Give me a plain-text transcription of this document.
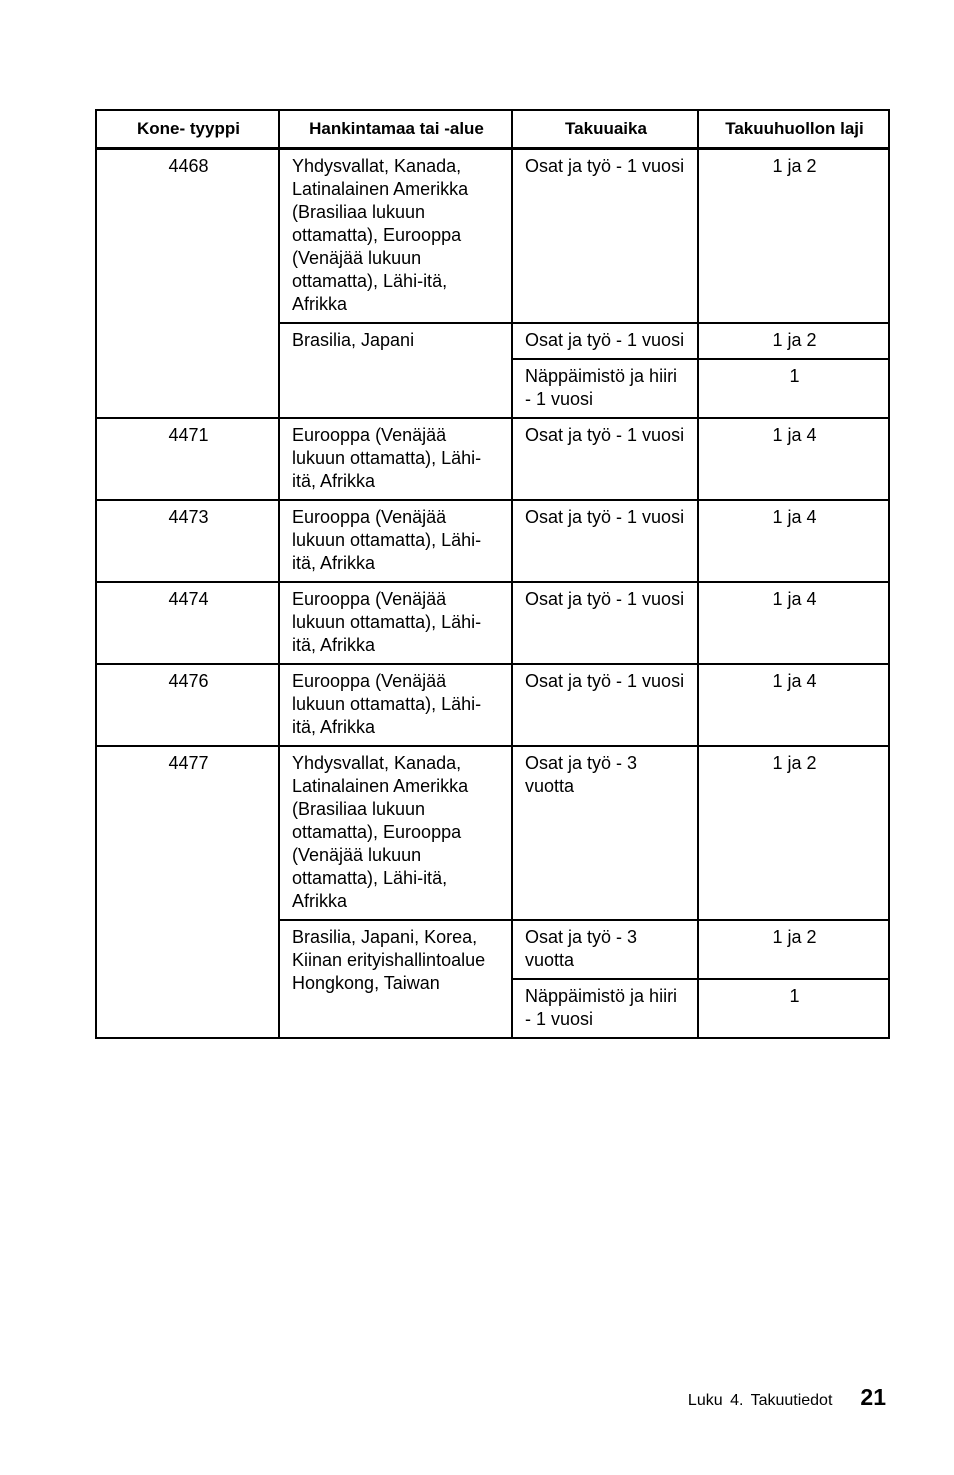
Kone- tyyppi	Hankintamaa tai -alue	Takuuaika	Takuuhuollon laji
4468	Yhdysvallat, Kanada, Latinalainen Amerikka (Brasiliaa lukuun ottamatta), Eurooppa (Venäjää lukuun ottamatta), Lähi-itä, Afrikka	Osat ja työ - 1 vuosi	1 ja 2
	Brasilia, Japani	Osat ja työ - 1 vuosi	1 ja 2
		Näppäimistö ja hiiri - 1 vuosi	1
4471	Eurooppa (Venäjää lukuun ottamatta), Lähi-itä, Afrikka	Osat ja työ - 1 vuosi	1 ja 4
4473	Eurooppa (Venäjää lukuun ottamatta), Lähi-itä, Afrikka	Osat ja työ - 1 vuosi	1 ja 4
4474	Eurooppa (Venäjää lukuun ottamatta), Lähi-itä, Afrikka	Osat ja työ - 1 vuosi	1 ja 4
4476	Eurooppa (Venäjää lukuun ottamatta), Lähi-itä, Afrikka	Osat ja työ - 1 vuosi	1 ja 4
4477	Yhdysvallat, Kanada, Latinalainen Amerikka (Brasiliaa lukuun ottamatta), Eurooppa (Venäjää lukuun ottamatta), Lähi-itä, Afrikka	Osat ja työ - 3 vuotta	1 ja 2
	Brasilia, Japani, Korea, Kiinan erityishallintoalue Hongkong, Taiwan	Osat ja työ - 3 vuotta	1 ja 2
		Näppäimistö ja hiiri - 1 vuosi	1
Luku 4. Takuutiedot 21
